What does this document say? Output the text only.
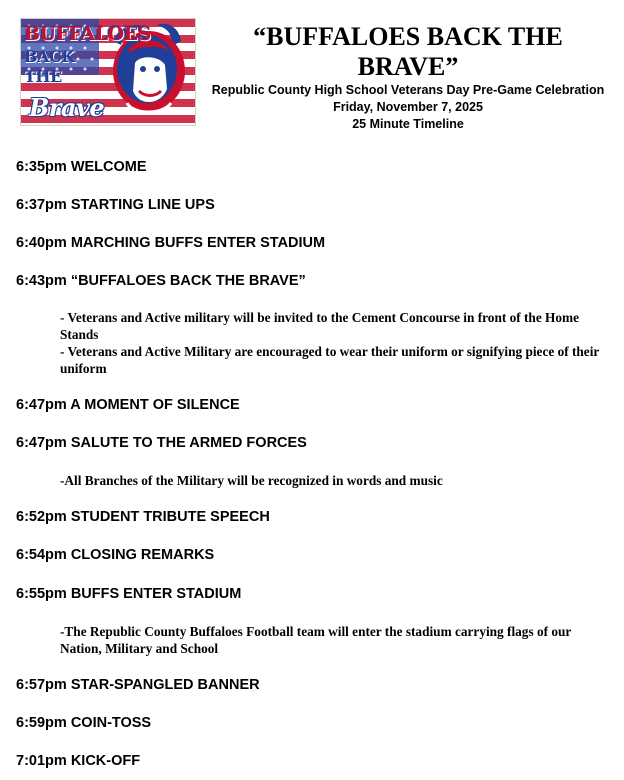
BUFFALOES
BACK
THE
Brave

“BUFFALOES BACK THE BRAVE”

Republic County High School Veterans Day Pre-Game Celebration

Friday, November 7, 2025

25 Minute Timeline

6:35pm WELCOME

6:37pm STARTING LINE UPS

6:40pm MARCHING BUFFS ENTER STADIUM

6:43pm “BUFFALOES BACK THE BRAVE”

- Veterans and Active military will be invited to the Cement Concourse in front of the Home Stands

- Veterans and Active Military are encouraged to wear their uniform or signifying piece of their uniform

6:47pm A MOMENT OF SILENCE

6:47pm SALUTE TO THE ARMED FORCES

-All Branches of the Military will be recognized in words and music

6:52pm STUDENT TRIBUTE SPEECH

6:54pm CLOSING REMARKS

6:55pm BUFFS ENTER STADIUM

-The Republic County Buffaloes Football team will enter the stadium carrying flags of our Nation, Military and School

6:57pm STAR-SPANGLED BANNER

6:59pm COIN-TOSS

7:01pm KICK-OFF
